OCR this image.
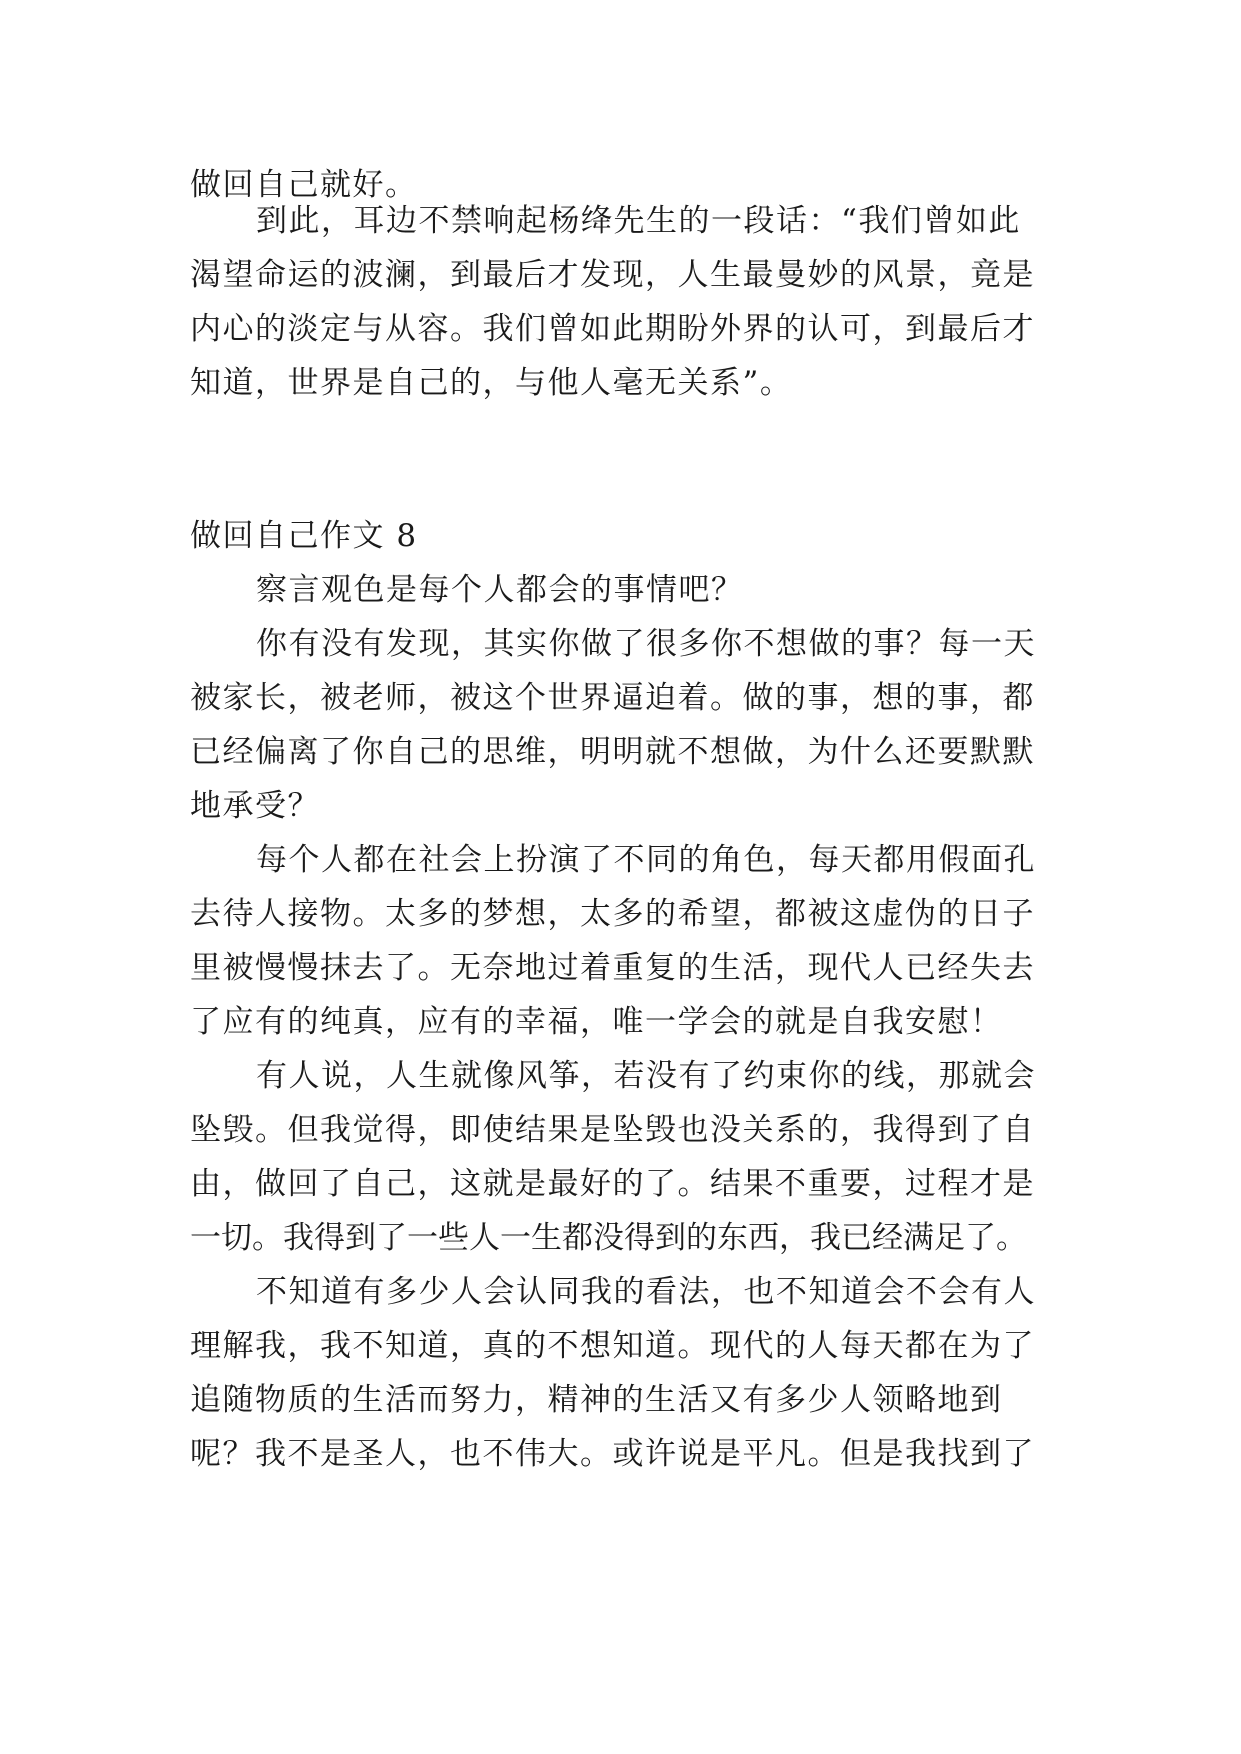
做回自己就好。
到此，耳边不禁响起杨绛先生的一段话：“我们曾如此
渴望命运的波澜，到最后才发现，人生最曼妙的风景，竟是
内心的淡定与从容。我们曾如此期盼外界的认可，到最后才
知道，世界是自己的，与他人毫无关系”。
做回自己作文 8
察言观色是每个人都会的事情吧？
你有没有发现，其实你做了很多你不想做的事？每一天
被家长，被老师，被这个世界逼迫着。做的事，想的事，都
已经偏离了你自己的思维，明明就不想做，为什么还要默默
地承受？
每个人都在社会上扮演了不同的角色，每天都用假面孔
去待人接物。太多的梦想，太多的希望，都被这虚伪的日子
里被慢慢抹去了。无奈地过着重复的生活，现代人已经失去
了应有的纯真，应有的幸福，唯一学会的就是自我安慰！
有人说，人生就像风筝，若没有了约束你的线，那就会
坠毁。但我觉得，即使结果是坠毁也没关系的，我得到了自
由，做回了自己，这就是最好的了。结果不重要，过程才是
一切。我得到了一些人一生都没得到的东西，我已经满足了。
不知道有多少人会认同我的看法，也不知道会不会有人
理解我，我不知道，真的不想知道。现代的人每天都在为了
追随物质的生活而努力，精神的生活又有多少人领略地到
呢？我不是圣人，也不伟大。或许说是平凡。但是我找到了
